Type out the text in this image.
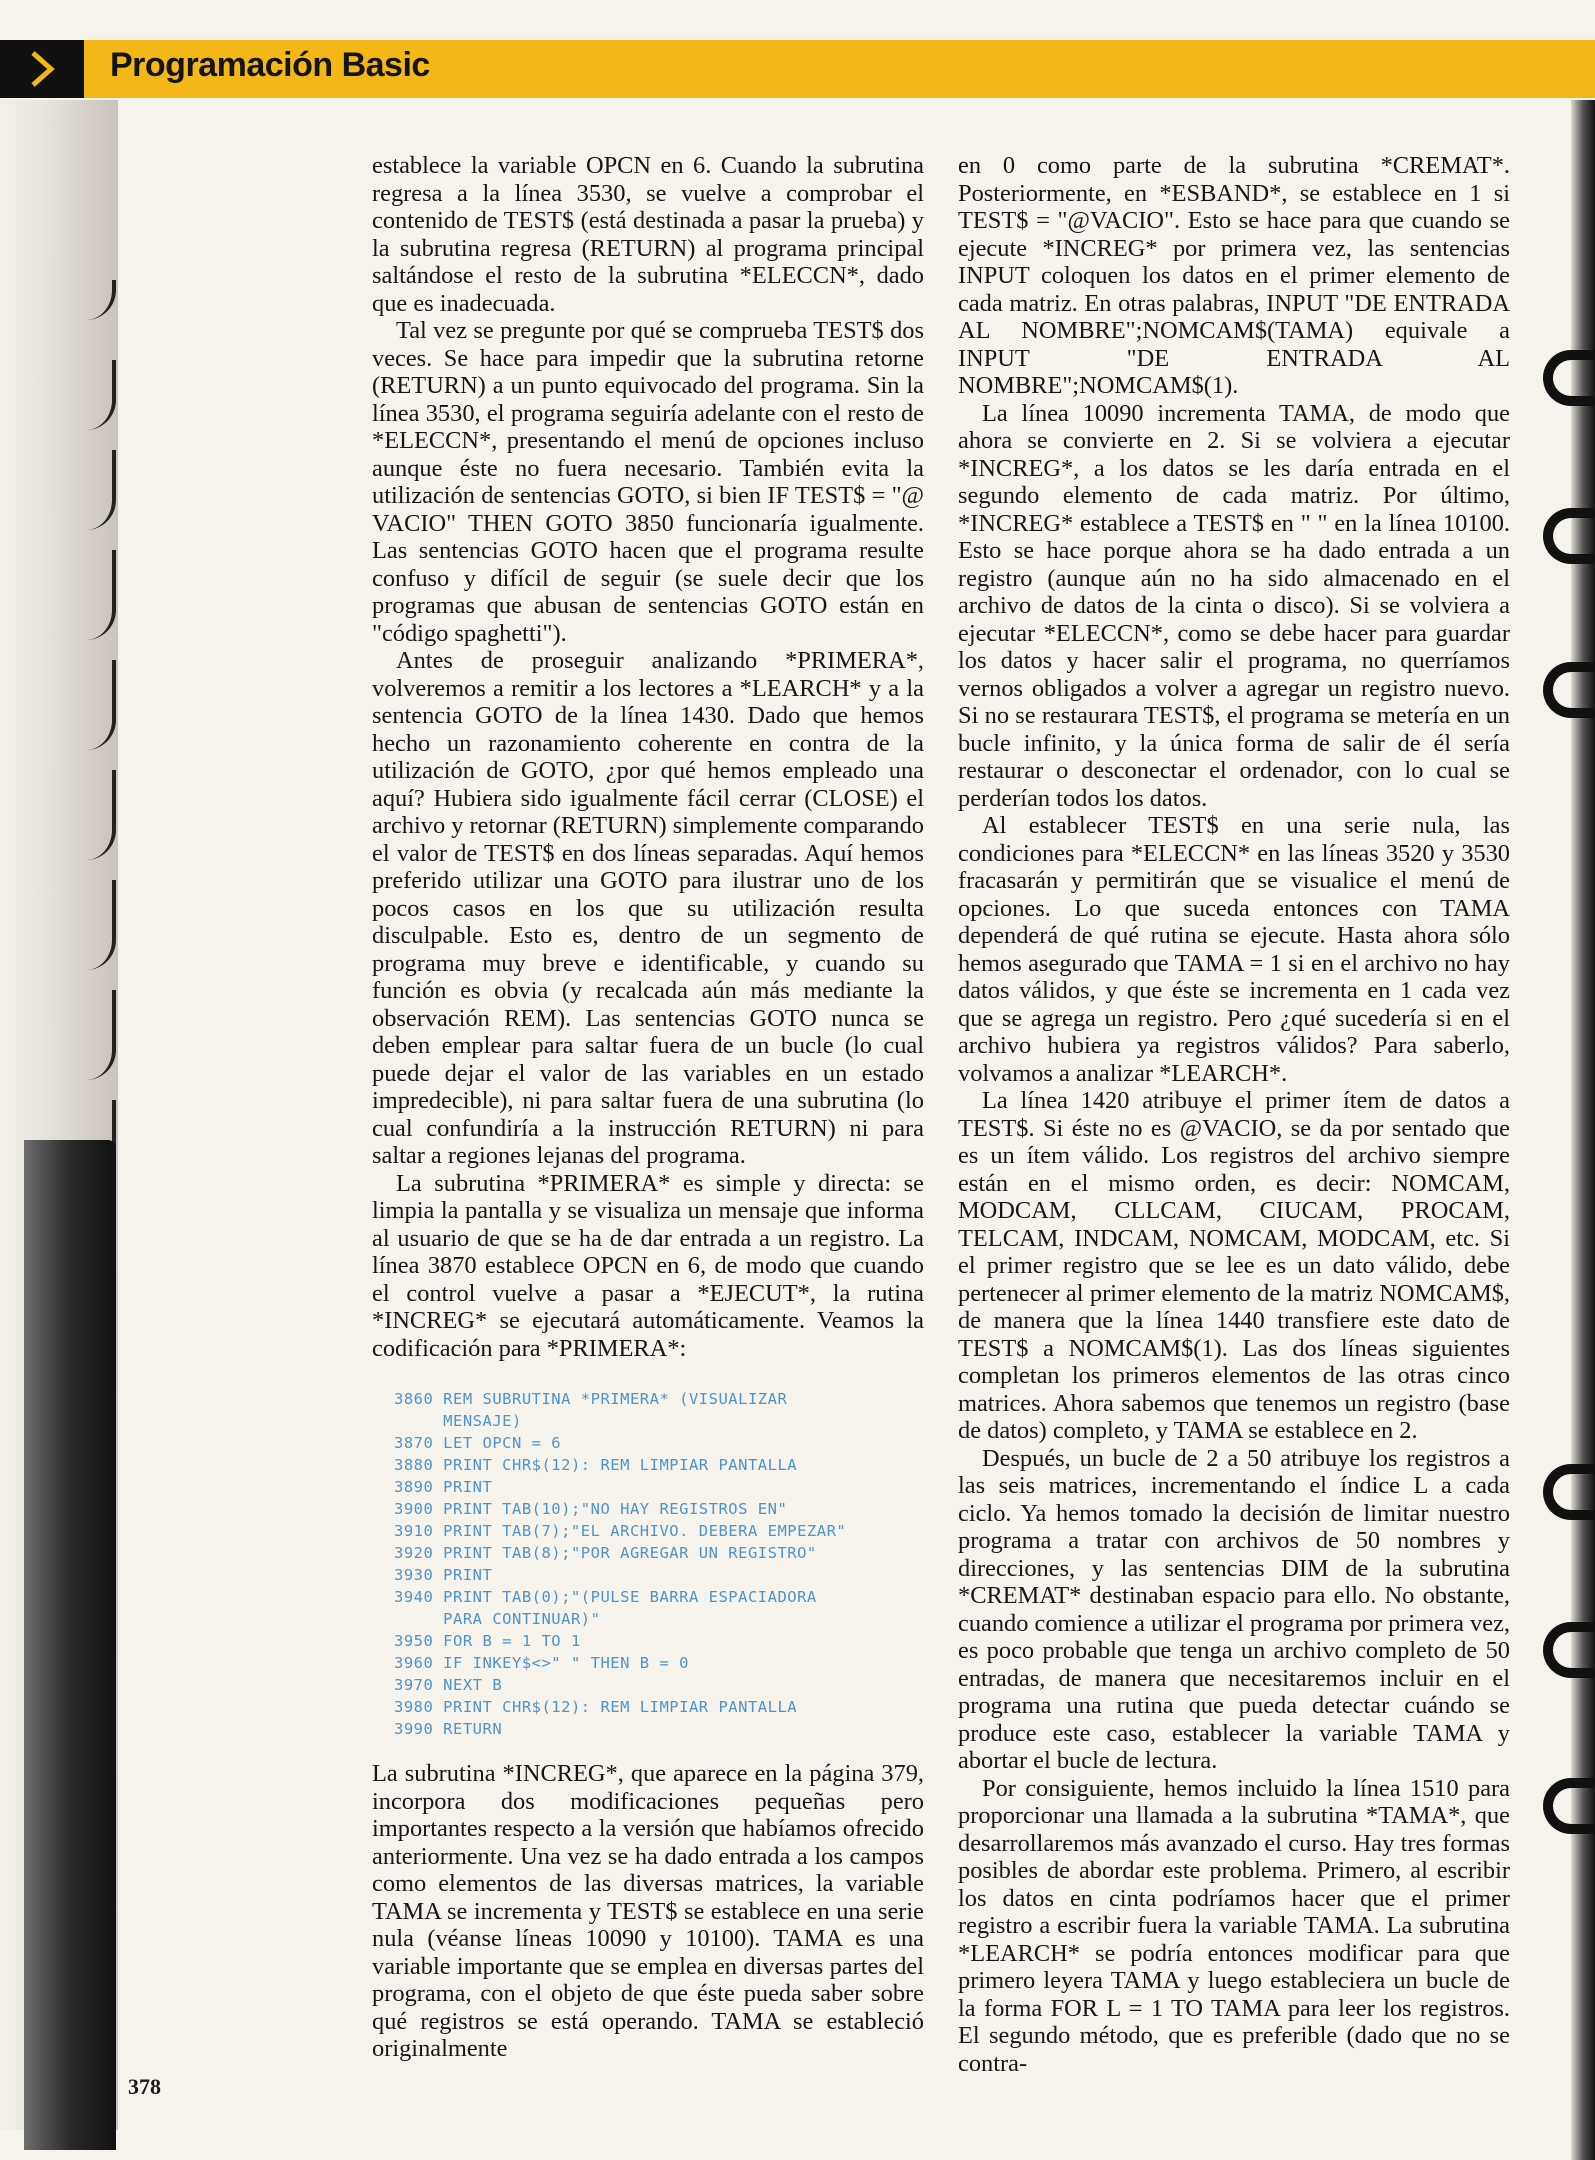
Programación Basic

establece la variable OPCN en 6. Cuando la subrutina regresa a la línea 3530, se vuelve a comprobar el contenido de TEST$ (está destinada a pasar la prueba) y la subrutina regresa (RETURN) al programa principal saltándose el resto de la subrutina *ELECCN*, dado que es inadecuada.

Tal vez se pregunte por qué se comprueba TEST$ dos veces. Se hace para impedir que la subrutina retorne (RETURN) a un punto equivocado del programa. Sin la línea 3530, el programa seguiría adelante con el resto de *ELECCN*, presentando el menú de opciones incluso aunque éste no fuera necesario. También evita la utilización de sentencias GOTO, si bien IF TEST$ = "@ VACIO" THEN GOTO 3850 funcionaría igualmente. Las sentencias GOTO hacen que el programa resulte confuso y difícil de seguir (se suele decir que los programas que abusan de sentencias GOTO están en "código spaghetti").

Antes de proseguir analizando *PRIMERA*, volveremos a remitir a los lectores a *LEARCH* y a la sentencia GOTO de la línea 1430. Dado que hemos hecho un razonamiento coherente en contra de la utilización de GOTO, ¿por qué hemos empleado una aquí? Hubiera sido igualmente fácil cerrar (CLOSE) el archivo y retornar (RETURN) simplemente comparando el valor de TEST$ en dos líneas separadas. Aquí hemos preferido utilizar una GOTO para ilustrar uno de los pocos casos en los que su utilización resulta disculpable. Esto es, dentro de un segmento de programa muy breve e identificable, y cuando su función es obvia (y recalcada aún más mediante la observación REM). Las sentencias GOTO nunca se deben emplear para saltar fuera de un bucle (lo cual puede dejar el valor de las variables en un estado impredecible), ni para saltar fuera de una subrutina (lo cual confundiría a la instrucción RETURN) ni para saltar a regiones lejanas del programa.

La subrutina *PRIMERA* es simple y directa: se limpia la pantalla y se visualiza un mensaje que informa al usuario de que se ha de dar entrada a un registro. La línea 3870 establece OPCN en 6, de modo que cuando el control vuelve a pasar a *EJECUT*, la rutina *INCREG* se ejecutará automáticamente. Veamos la codificación para *PRIMERA*:

3860 REM SUBRUTINA *PRIMERA* (VISUALIZAR
MENSAJE)
3870 LET OPCN = 6
3880 PRINT CHR$(12): REM LIMPIAR PANTALLA
3890 PRINT
3900 PRINT TAB(10);"NO HAY REGISTROS EN"
3910 PRINT TAB(7);"EL ARCHIVO. DEBERA EMPEZAR"
3920 PRINT TAB(8);"POR AGREGAR UN REGISTRO"
3930 PRINT
3940 PRINT TAB(0);"(PULSE BARRA ESPACIADORA
PARA CONTINUAR)"
3950 FOR B = 1 TO 1
3960 IF INKEY$<>" " THEN B = 0
3970 NEXT B
3980 PRINT CHR$(12): REM LIMPIAR PANTALLA
3990 RETURN

La subrutina *INCREG*, que aparece en la página 379, incorpora dos modificaciones pequeñas pero importantes respecto a la versión que habíamos ofrecido anteriormente. Una vez se ha dado entrada a los campos como elementos de las diversas matrices, la variable TAMA se incrementa y TEST$ se establece en una serie nula (véanse líneas 10090 y 10100). TAMA es una variable importante que se emplea en diversas partes del programa, con el objeto de que éste pueda saber sobre qué registros se está operando. TAMA se estableció originalmente

en 0 como parte de la subrutina *CREMAT*. Posteriormente, en *ESBAND*, se establece en 1 si TEST$ = "@VACIO". Esto se hace para que cuando se ejecute *INCREG* por primera vez, las sentencias INPUT coloquen los datos en el primer elemento de cada matriz. En otras palabras, INPUT "DE ENTRADA AL NOMBRE";NOMCAM$(TAMA) equivale a INPUT "DE ENTRADA AL NOMBRE";NOMCAM$(1).

La línea 10090 incrementa TAMA, de modo que ahora se convierte en 2. Si se volviera a ejecutar *INCREG*, a los datos se les daría entrada en el segundo elemento de cada matriz. Por último, *INCREG* establece a TEST$ en " " en la línea 10100. Esto se hace porque ahora se ha dado entrada a un registro (aunque aún no ha sido almacenado en el archivo de datos de la cinta o disco). Si se volviera a ejecutar *ELECCN*, como se debe hacer para guardar los datos y hacer salir el programa, no querríamos vernos obligados a volver a agregar un registro nuevo. Si no se restaurara TEST$, el programa se metería en un bucle infinito, y la única forma de salir de él sería restaurar o desconectar el ordenador, con lo cual se perderían todos los datos.

Al establecer TEST$ en una serie nula, las condiciones para *ELECCN* en las líneas 3520 y 3530 fracasarán y permitirán que se visualice el menú de opciones. Lo que suceda entonces con TAMA dependerá de qué rutina se ejecute. Hasta ahora sólo hemos asegurado que TAMA = 1 si en el archivo no hay datos válidos, y que éste se incrementa en 1 cada vez que se agrega un registro. Pero ¿qué sucedería si en el archivo hubiera ya registros válidos? Para saberlo, volvamos a analizar *LEARCH*.

La línea 1420 atribuye el primer ítem de datos a TEST$. Si éste no es @VACIO, se da por sentado que es un ítem válido. Los registros del archivo siempre están en el mismo orden, es decir: NOMCAM, MODCAM, CLLCAM, CIUCAM, PROCAM, TELCAM, INDCAM, NOMCAM, MODCAM, etc. Si el primer registro que se lee es un dato válido, debe pertenecer al primer elemento de la matriz NOMCAM$, de manera que la línea 1440 transfiere este dato de TEST$ a NOMCAM$(1). Las dos líneas siguientes completan los primeros elementos de las otras cinco matrices. Ahora sabemos que tenemos un registro (base de datos) completo, y TAMA se establece en 2.

Después, un bucle de 2 a 50 atribuye los registros a las seis matrices, incrementando el índice L a cada ciclo. Ya hemos tomado la decisión de limitar nuestro programa a tratar con archivos de 50 nombres y direcciones, y las sentencias DIM de la subrutina *CREMAT* destinaban espacio para ello. No obstante, cuando comience a utilizar el programa por primera vez, es poco probable que tenga un archivo completo de 50 entradas, de manera que necesitaremos incluir en el programa una rutina que pueda detectar cuándo se produce este caso, establecer la variable TAMA y abortar el bucle de lectura.

Por consiguiente, hemos incluido la línea 1510 para proporcionar una llamada a la subrutina *TAMA*, que desarrollaremos más avanzado el curso. Hay tres formas posibles de abordar este problema. Primero, al escribir los datos en cinta podríamos hacer que el primer registro a escribir fuera la variable TAMA. La subrutina *LEARCH* se podría entonces modificar para que primero leyera TAMA y luego estableciera un bucle de la forma FOR L = 1 TO TAMA para leer los registros. El segundo método, que es preferible (dado que no se contra-

378
